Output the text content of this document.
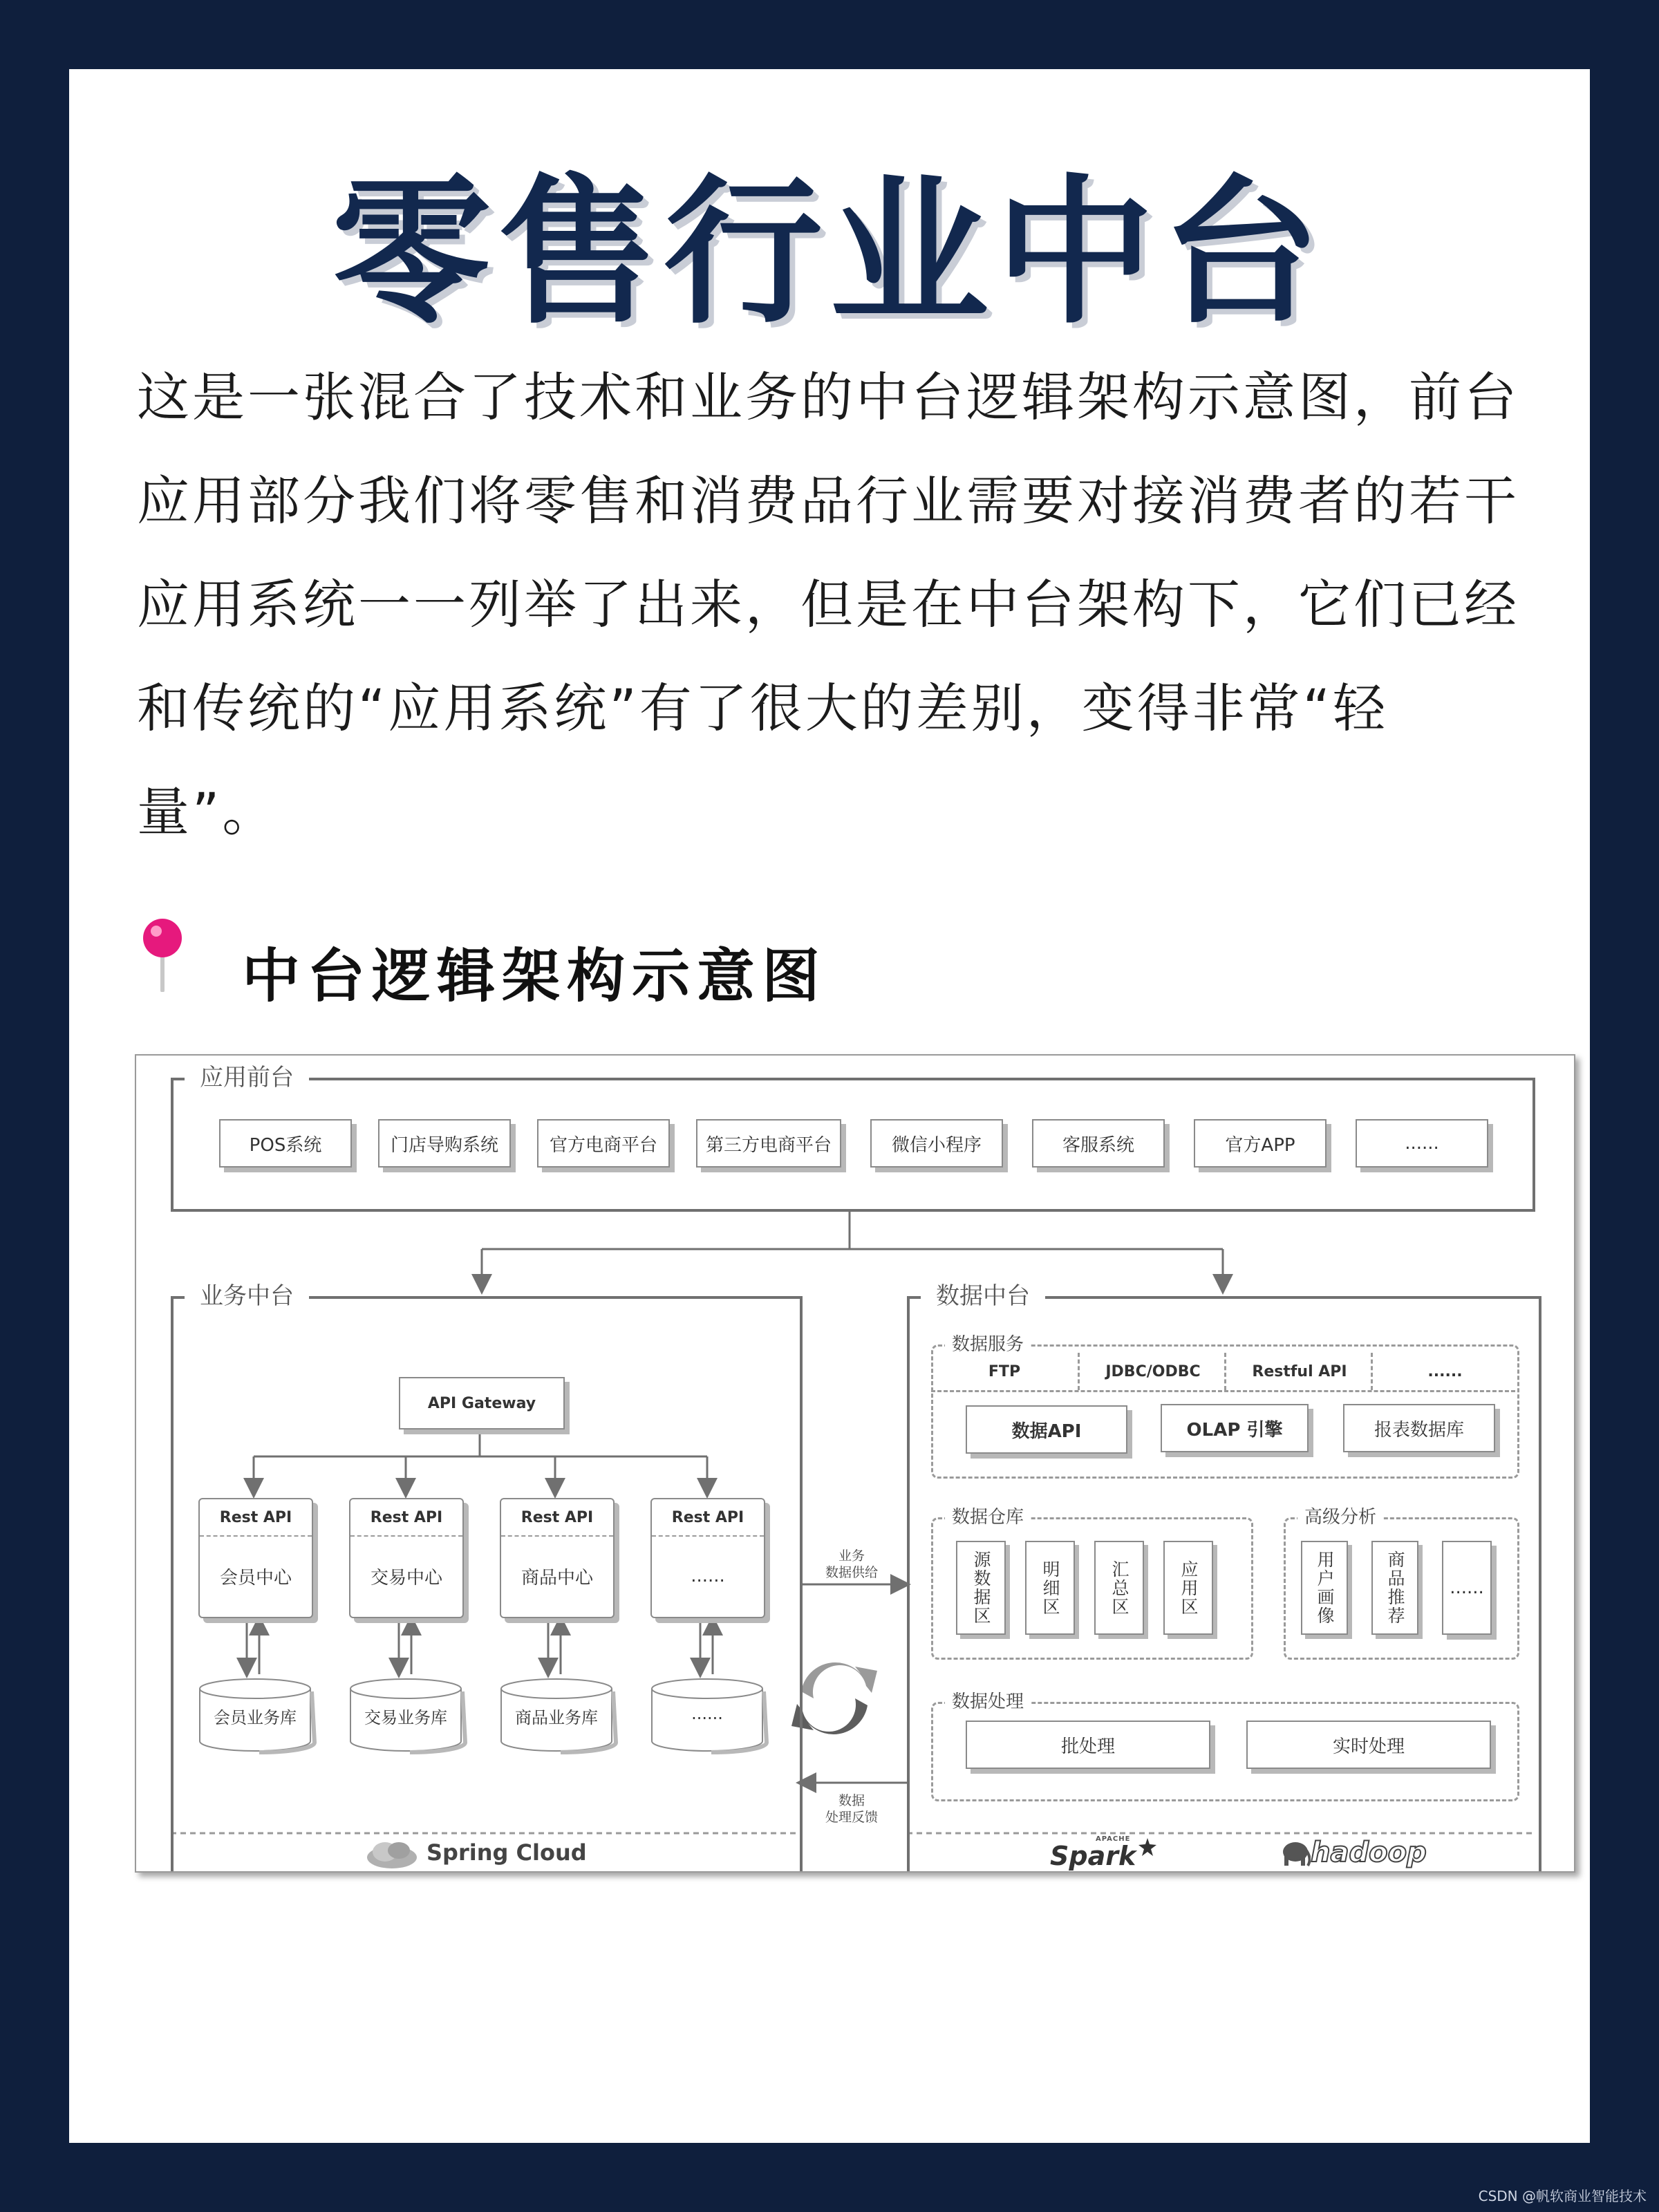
零售行业中台
这是一张混合了技术和业务的中台逻辑架构示意图，前台应用部分我们将零售和消费品行业需要对接消费者的若干应用系统一一列举了出来，但是在中台架构下，它们已经和传统的“应用系统”有了很大的差别，变得非常“轻量”。
中台逻辑架构示意图
应用前台
POS系统	门店导购系统	官方电商平台	第三方电商平台	微信小程序	客服系统	官方APP	......
业务中台
API Gateway
Rest API
会员中心
Rest API
交易中心
Rest API
商品中心
Rest API
......
会员业务库	交易业务库	商品业务库	......
Spring Cloud
业务
数据供给
数据
处理反馈
数据中台
数据服务
FTP	JDBC/ODBC	Restful API	......
数据API	OLAP 引擎	报表数据库
数据仓库
源数据区	明细区	汇总区	应用区
高级分析
用户画像	商品推荐	......
数据处理
批处理	实时处理
APACHE
Spark	hadoop
CSDN @帆软商业智能技术
